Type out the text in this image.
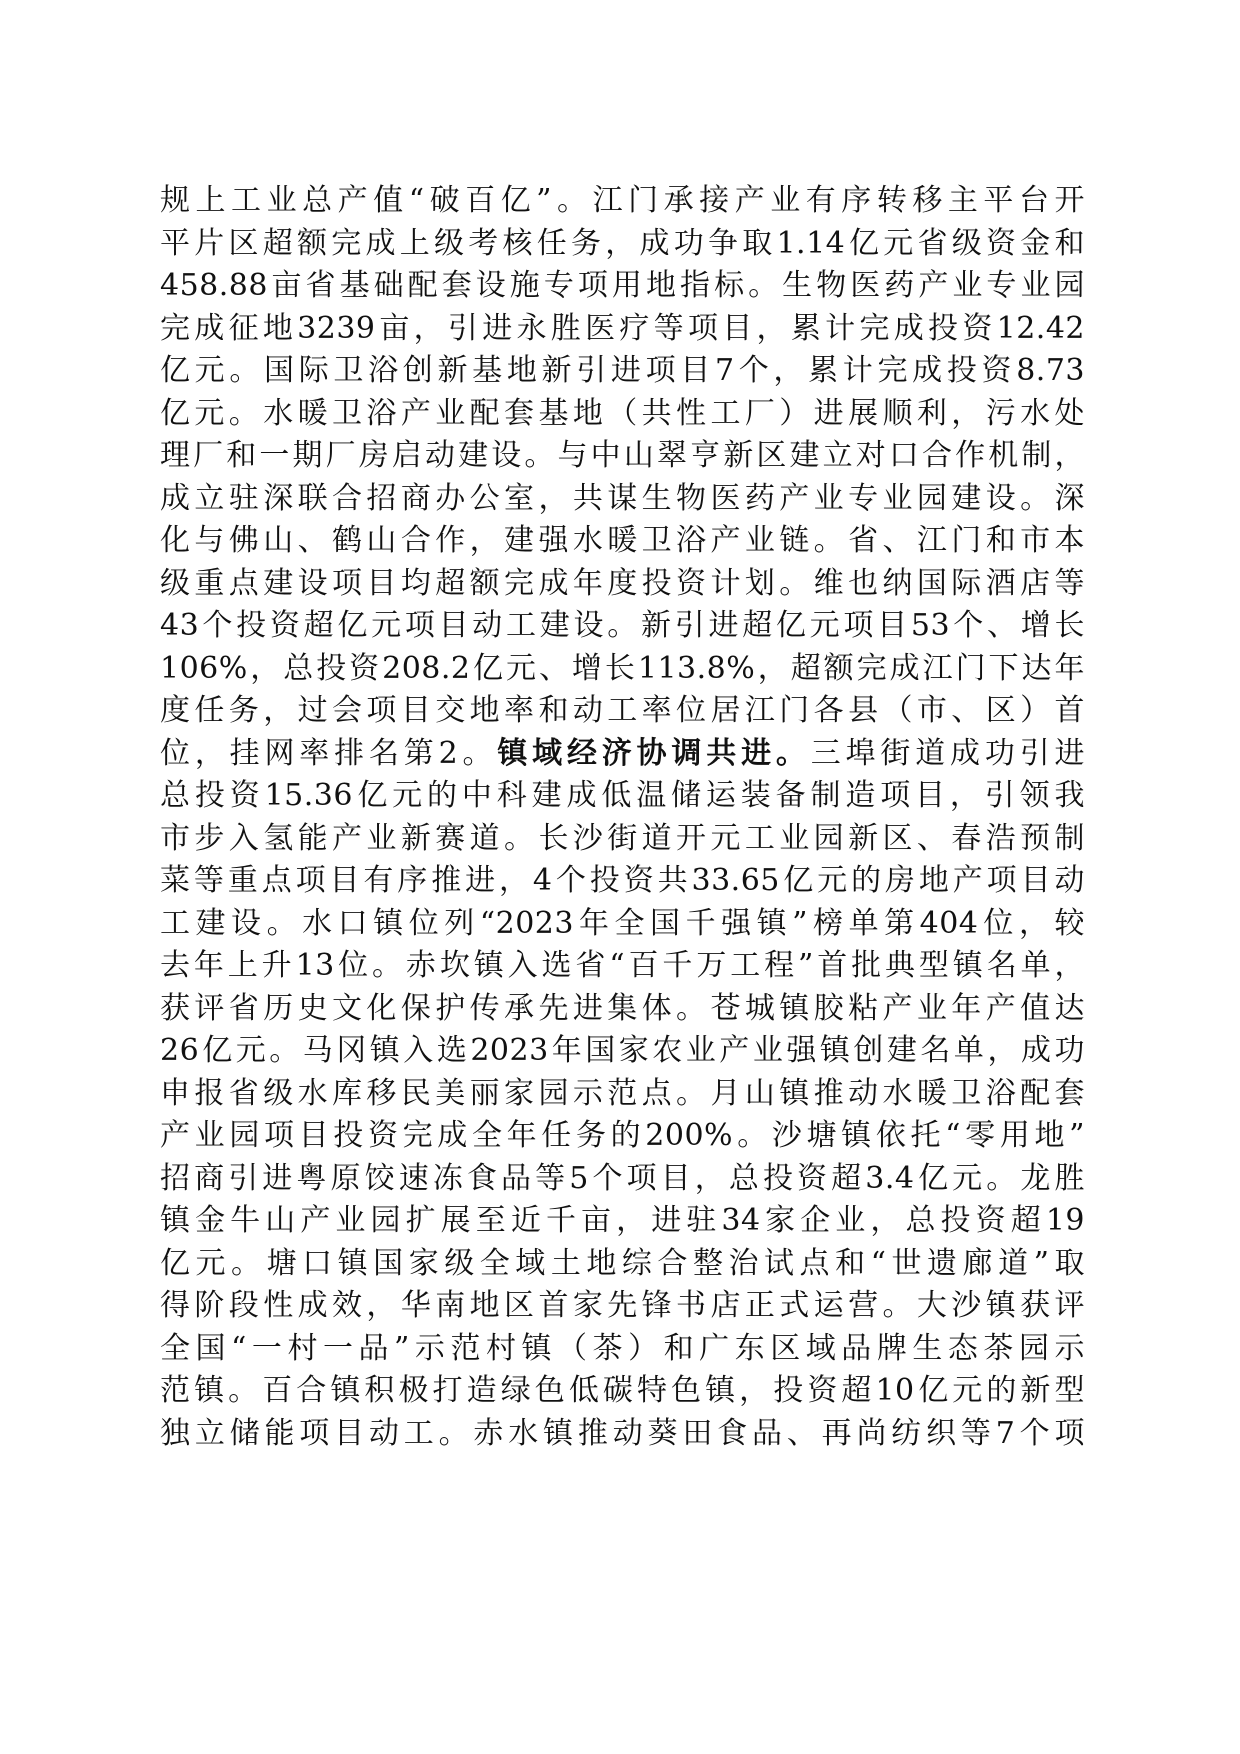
规上工业总产值“破百亿”。江门承接产业有序转移主平台开
平片区超额完成上级考核任务，成功争取1.14亿元省级资金和
458.88亩省基础配套设施专项用地指标。生物医药产业专业园
完成征地3239亩，引进永胜医疗等项目，累计完成投资12.42
亿元。国际卫浴创新基地新引进项目7个，累计完成投资8.73
亿元。水暖卫浴产业配套基地（共性工厂）进展顺利，污水处
理厂和一期厂房启动建设。与中山翠亨新区建立对口合作机制，
成立驻深联合招商办公室，共谋生物医药产业专业园建设。深
化与佛山、鹤山合作，建强水暖卫浴产业链。省、江门和市本
级重点建设项目均超额完成年度投资计划。维也纳国际酒店等
43个投资超亿元项目动工建设。新引进超亿元项目53个、增长
106%，总投资208.2亿元、增长113.8%，超额完成江门下达年
度任务，过会项目交地率和动工率位居江门各县（市、区）首
位，挂网率排名第2。镇域经济协调共进。三埠街道成功引进
总投资15.36亿元的中科建成低温储运装备制造项目，引领我
市步入氢能产业新赛道。长沙街道开元工业园新区、春浩预制
菜等重点项目有序推进，4个投资共33.65亿元的房地产项目动
工建设。水口镇位列“2023年全国千强镇”榜单第404位，较
去年上升13位。赤坎镇入选省“百千万工程”首批典型镇名单，
获评省历史文化保护传承先进集体。苍城镇胶粘产业年产值达
26亿元。马冈镇入选2023年国家农业产业强镇创建名单，成功
申报省级水库移民美丽家园示范点。月山镇推动水暖卫浴配套
产业园项目投资完成全年任务的200%。沙塘镇依托“零用地”
招商引进粤原饺速冻食品等5个项目，总投资超3.4亿元。龙胜
镇金牛山产业园扩展至近千亩，进驻34家企业，总投资超19
亿元。塘口镇国家级全域土地综合整治试点和“世遗廊道”取
得阶段性成效，华南地区首家先锋书店正式运营。大沙镇获评
全国“一村一品”示范村镇（茶）和广东区域品牌生态茶园示
范镇。百合镇积极打造绿色低碳特色镇，投资超10亿元的新型
独立储能项目动工。赤水镇推动葵田食品、再尚纺织等7个项
